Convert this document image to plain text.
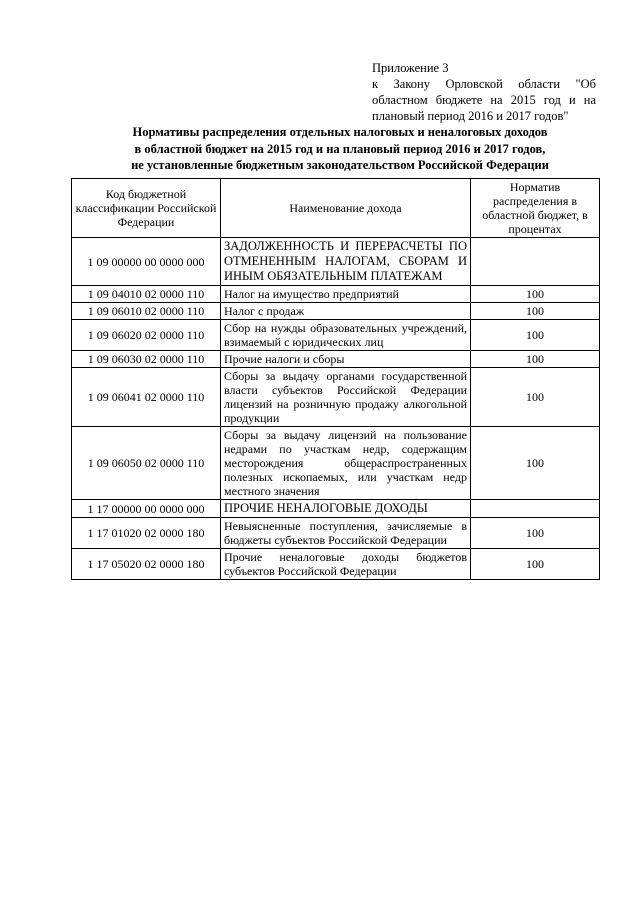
Приложение 3
к Закону Орловской области "Об областном бюджете на 2015 год и на плановый период 2016 и 2017 годов"
Нормативы распределения отдельных налоговых и неналоговых доходов
в областной бюджет на 2015 год и на плановый период 2016 и 2017 годов,
не установленные бюджетным законодательством Российской Федерации
Код бюджетной классификации Российской Федерации	Наименование дохода	Норматив распределения в областной бюджет, в процентах
1 09 00000 00 0000 000	ЗАДОЛЖЕННОСТЬ И ПЕРЕРАСЧЕТЫ ПО ОТМЕНЕННЫМ НАЛОГАМ, СБОРАМ И ИНЫМ ОБЯЗАТЕЛЬНЫМ ПЛАТЕЖАМ	
1 09 04010 02 0000 110	Налог на имущество предприятий	100
1 09 06010 02 0000 110	Налог с продаж	100
1 09 06020 02 0000 110	Сбор на нужды образовательных учреждений, взимаемый с юридических лиц	100
1 09 06030 02 0000 110	Прочие налоги и сборы	100
1 09 06041 02 0000 110	Сборы за выдачу органами государственной власти субъектов Российской Федерации лицензий на розничную продажу алкогольной продукции	100
1 09 06050 02 0000 110	Сборы за выдачу лицензий на пользование недрами по участкам недр, содержащим месторождения общераспространенных полезных ископаемых, или участкам недр местного значения	100
1 17 00000 00 0000 000	ПРОЧИЕ НЕНАЛОГОВЫЕ ДОХОДЫ	
1 17 01020 02 0000 180	Невыясненные поступления, зачисляемые в бюджеты субъектов Российской Федерации	100
1 17 05020 02 0000 180	Прочие неналоговые доходы бюджетов субъектов Российской Федерации	100
